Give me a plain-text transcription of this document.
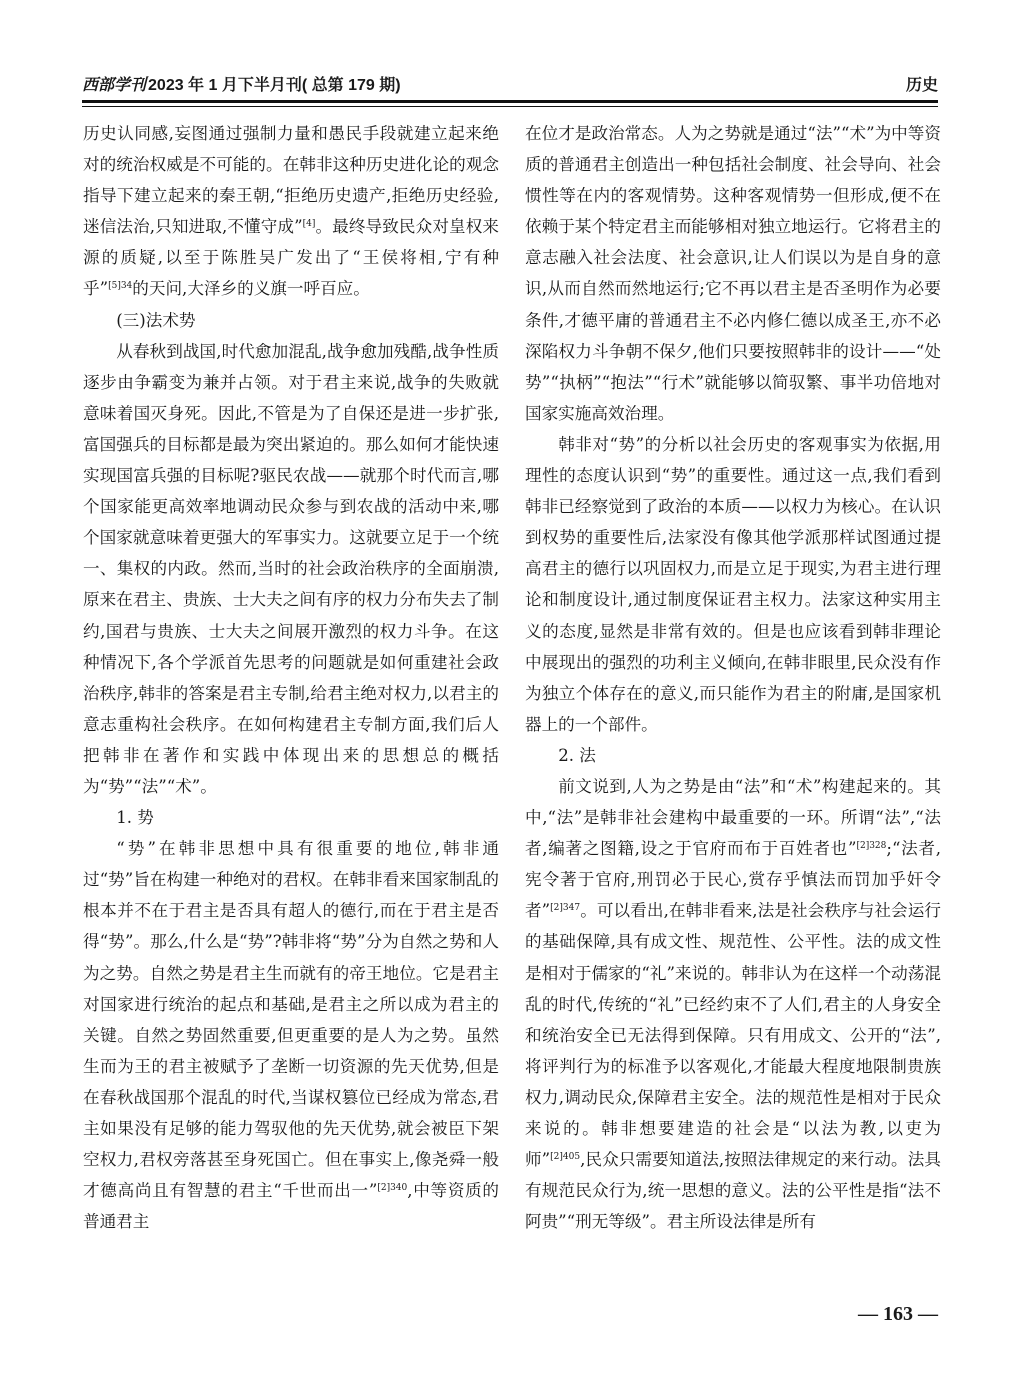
西部学刊 2023 年 1 月下半月刊( 总第 179 期)	历史

历史认同感,妄图通过强制力量和愚民手段就建立起来绝对的统治权威是不可能的。在韩非这种历史进化论的观念指导下建立起来的秦王朝,“拒绝历史遗产,拒绝历史经验,迷信法治,只知进取,不懂守成”[4]。最终导致民众对皇权来源的质疑,以至于陈胜吴广发出了“王侯将相,宁有种乎”$^{[5]34}$的天问,大泽乡的义旗一呼百应。

(三)法术势

从春秋到战国,时代愈加混乱,战争愈加残酷,战争性质逐步由争霸变为兼并占领。对于君主来说,战争的失败就意味着国灭身死。因此,不管是为了自保还是进一步扩张,富国强兵的目标都是最为突出紧迫的。那么如何才能快速实现国富兵强的目标呢?驱民农战——就那个时代而言,哪个国家能更高效率地调动民众参与到农战的活动中来,哪个国家就意味着更强大的军事实力。这就要立足于一个统一、集权的内政。然而,当时的社会政治秩序的全面崩溃,原来在君主、贵族、士大夫之间有序的权力分布失去了制约,国君与贵族、士大夫之间展开激烈的权力斗争。在这种情况下,各个学派首先思考的问题就是如何重建社会政治秩序,韩非的答案是君主专制,给君主绝对权力,以君主的意志重构社会秩序。在如何构建君主专制方面,我们后人把韩非在著作和实践中体现出来的思想总的概括为“势”“法”“术”。

1. 势

“势”在韩非思想中具有很重要的地位,韩非通过“势”旨在构建一种绝对的君权。在韩非看来国家制乱的根本并不在于君主是否具有超人的德行,而在于君主是否得“势”。那么,什么是“势”?韩非将“势”分为自然之势和人为之势。自然之势是君主生而就有的帝王地位。它是君主对国家进行统治的起点和基础,是君主之所以成为君主的关键。自然之势固然重要,但更重要的是人为之势。虽然生而为王的君主被赋予了垄断一切资源的先天优势,但是在春秋战国那个混乱的时代,当谋权篡位已经成为常态,君主如果没有足够的能力驾驭他的先天优势,就会被臣下架空权力,君权旁落甚至身死国亡。但在事实上,像尧舜一般才德高尚且有智慧的君主“千世而出一”$^{[2]340}$,中等资质的普通君主

在位才是政治常态。人为之势就是通过“法”“术”为中等资质的普通君主创造出一种包括社会制度、社会导向、社会惯性等在内的客观情势。这种客观情势一但形成,便不在依赖于某个特定君主而能够相对独立地运行。它将君主的意志融入社会法度、社会意识,让人们误以为是自身的意识,从而自然而然地运行;它不再以君主是否圣明作为必要条件,才德平庸的普通君主不必内修仁德以成圣王,亦不必深陷权力斗争朝不保夕,他们只要按照韩非的设计——“处势”“执柄”“抱法”“行术”就能够以简驭繁、事半功倍地对国家实施高效治理。

韩非对“势”的分析以社会历史的客观事实为依据,用理性的态度认识到“势”的重要性。通过这一点,我们看到韩非已经察觉到了政治的本质——以权力为核心。在认识到权势的重要性后,法家没有像其他学派那样试图通过提高君主的德行以巩固权力,而是立足于现实,为君主进行理论和制度设计,通过制度保证君主权力。法家这种实用主义的态度,显然是非常有效的。但是也应该看到韩非理论中展现出的强烈的功利主义倾向,在韩非眼里,民众没有作为独立个体存在的意义,而只能作为君主的附庸,是国家机器上的一个部件。

2. 法

前文说到,人为之势是由“法”和“术”构建起来的。其中,“法”是韩非社会建构中最重要的一环。所谓“法”,“法者,编著之图籍,设之于官府而布于百姓者也”$^{[2]328}$;“法者,宪令著于官府,刑罚必于民心,赏存乎慎法而罚加乎奸令者”$^{[2]347}$。可以看出,在韩非看来,法是社会秩序与社会运行的基础保障,具有成文性、规范性、公平性。法的成文性是相对于儒家的“礼”来说的。韩非认为在这样一个动荡混乱的时代,传统的“礼”已经约束不了人们,君主的人身安全和统治安全已无法得到保障。只有用成文、公开的“法”,将评判行为的标准予以客观化,才能最大程度地限制贵族权力,调动民众,保障君主安全。法的规范性是相对于民众来说的。韩非想要建造的社会是“以法为教,以吏为师”$^{[2]405}$,民众只需要知道法,按照法律规定的来行动。法具有规范民众行为,统一思想的意义。法的公平性是指“法不阿贵”“刑无等级”。君主所设法律是所有

— 163 —
